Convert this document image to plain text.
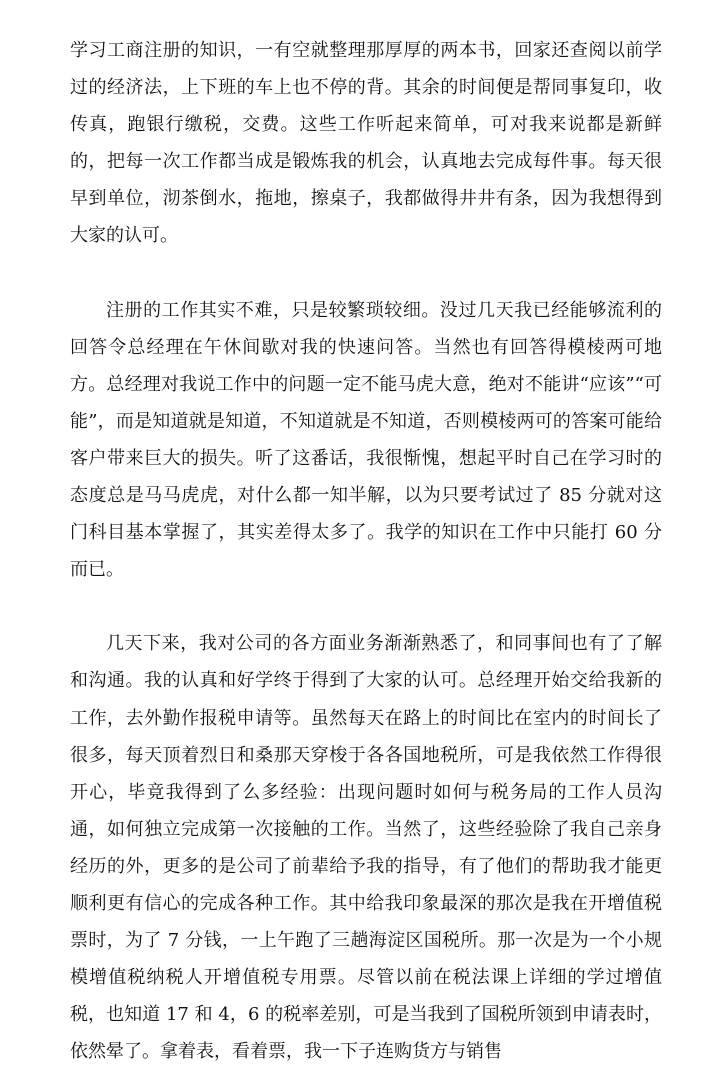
学习工商注册的知识，一有空就整理那厚厚的两本书，回家还查阅以前学过的经济法，上下班的车上也不停的背。其余的时间便是帮同事复印，收传真，跑银行缴税，交费。这些工作听起来简单，可对我来说都是新鲜的，把每一次工作都当成是锻炼我的机会，认真地去完成每件事。每天很早到单位，沏茶倒水，拖地，擦桌子，我都做得井井有条，因为我想得到大家的认可。

注册的工作其实不难，只是较繁琐较细。没过几天我已经能够流利的回答令总经理在午休间歇对我的快速问答。当然也有回答得模棱两可地方。总经理对我说工作中的问题一定不能马虎大意，绝对不能讲“应该”“可能”，而是知道就是知道，不知道就是不知道，否则模棱两可的答案可能给客户带来巨大的损失。听了这番话，我很惭愧，想起平时自己在学习时的态度总是马马虎虎，对什么都一知半解，以为只要考试过了 85 分就对这门科目基本掌握了，其实差得太多了。我学的知识在工作中只能打 60 分而已。

几天下来，我对公司的各方面业务渐渐熟悉了，和同事间也有了了解和沟通。我的认真和好学终于得到了大家的认可。总经理开始交给我新的工作，去外勤作报税申请等。虽然每天在路上的时间比在室内的时间长了很多，每天顶着烈日和桑那天穿梭于各各国地税所，可是我依然工作得很开心，毕竟我得到了么多经验：出现问题时如何与税务局的工作人员沟通，如何独立完成第一次接触的工作。当然了，这些经验除了我自己亲身经历的外，更多的是公司了前辈给予我的指导，有了他们的帮助我才能更顺利更有信心的完成各种工作。其中给我印象最深的那次是我在开增值税票时，为了 7 分钱，一上午跑了三趟海淀区国税所。那一次是为一个小规模增值税纳税人开增值税专用票。尽管以前在税法课上详细的学过增值税，也知道 17 和 4，6 的税率差别，可是当我到了国税所领到申请表时，依然晕了。拿着表，看着票，我一下子连购货方与销售
